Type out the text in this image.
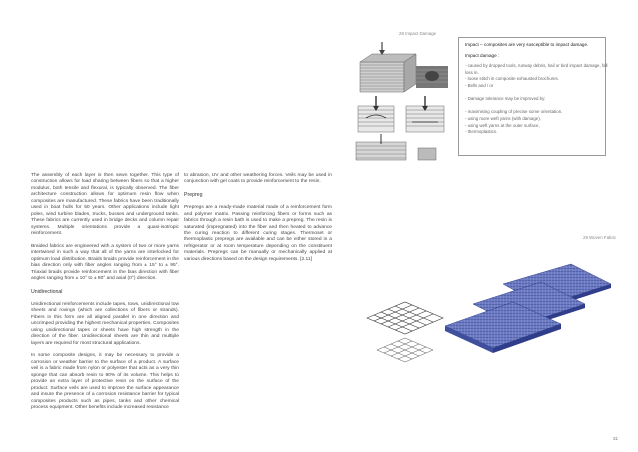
28 Impact Damage
Impact – composites are very susceptible to impact damage.
Impact damage :
- caused by dropped tools, runway debris, hail or bird impact damage, fall
loss in.
- loose stitch in composite exhausted brochures.
- Bells and / or

- Damage tolerance may be improved by:

- maximising coupling of precise some orientation.
- using more weft yarns (with damage),
- using weft yarns at the outer surface,
- thermoplastics.

The assembly of each layer is then sewn together. This type of construction allows for load sharing between fibers so that a higher modulus, both tensile and flexural, is typically observed. The fiber architecture construction allows for optimum resin flow when composites are manufactured. These fabrics have been traditionally used in boat hulls for 50 years. Other applications include light poles, wind turbine blades, trucks, busses and underground tanks. These fabrics are currently used in bridge decks and column repair systems. Multiple orientations provide a quasi-isotropic reinforcement.

Braided fabrics are engineered with a system of two or more yarns intertwined in such a way that all of the yarns are interlocked for optimum load distribution. Braids braids provide reinforcement in the bias direction only with fiber angles ranging from ± 15° to ± 95°. Triaxial braids provide reinforcement in the bias direction with fiber angles ranging from ± 10° to ± 80° and axial (0°) direction.

Unidirectional

Unidirectional reinforcements include tapes, tows, unidirectional tow sheets and rovings (which are collections of fibers or strands). Fibers in this form are all aligned parallel in one direction and uncrimped providing the highest mechanical properties. Composites using unidirectional tapes or sheets have high strength in the direction of the fiber. Unidirectional sheets are thin and multiple layers are required for most structural applications.

In some composite designs, it may be necessary to provide a corrosion or weather barrier to the surface of a product. A surface veil is a fabric made from nylon or polyester that acts as a very thin sponge that can absorb resin to 90% of its volume. This helps to provide an extra layer of protective resin on the surface of the product. Surface veils are used to improve the surface appearance and insure the presence of a corrosion resistance barrier for typical composites products such as pipes, tanks and other chemical process equipment. Other benefits include increased resistance

to abrasion, UV and other weathering forces. Veils may be used in conjunction with gel coats to provide reinforcement to the resin.

Prepreg

Prepregs are a ready-made material made of a reinforcement form and polymer matrix. Passing reinforcing fibers or forms such as fabrics through a resin bath is used to make a prepreg. The resin is saturated (impregnated) into the fiber and then heated to advance the curing reaction to different curing stages. Thermoset or thermoplastic prepregs are available and can be either stored in a refrigerator or at room temperature depending on the constituent materials. Prepregs can be manually or mechanically applied at various directions based on the design requirements. [2.11]

29 Woven Fabric
31
